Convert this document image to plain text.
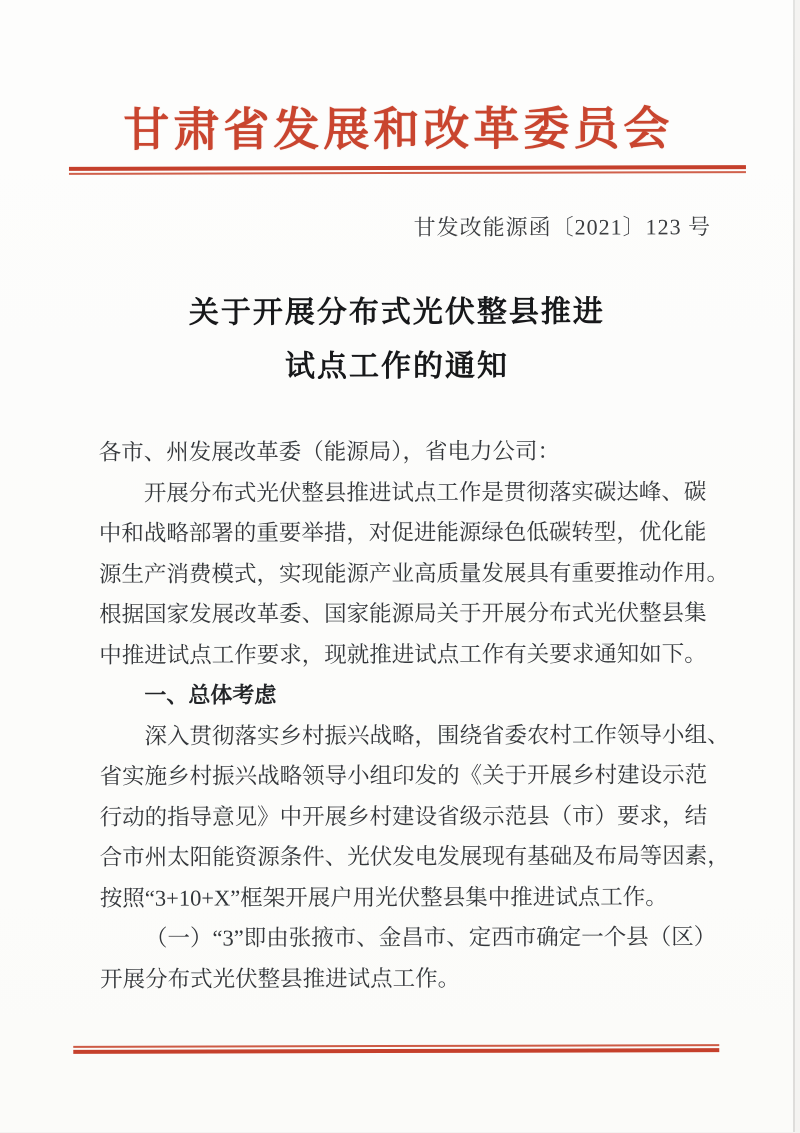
甘肃省发展和改革委员会
甘发改能源函〔2021〕123 号
关于开展分布式光伏整县推进
试点工作的通知
各市、州发展改革委（能源局），省电力公司：
开展分布式光伏整县推进试点工作是贯彻落实碳达峰、碳
中和战略部署的重要举措，对促进能源绿色低碳转型，优化能
源生产消费模式，实现能源产业高质量发展具有重要推动作用。
根据国家发展改革委、国家能源局关于开展分布式光伏整县集
中推进试点工作要求，现就推进试点工作有关要求通知如下。
一、总体考虑
深入贯彻落实乡村振兴战略，围绕省委农村工作领导小组、
省实施乡村振兴战略领导小组印发的《关于开展乡村建设示范
行动的指导意见》中开展乡村建设省级示范县（市）要求，结
合市州太阳能资源条件、光伏发电发展现有基础及布局等因素，
按照“3+10+X”框架开展户用光伏整县集中推进试点工作。
（一）“3”即由张掖市、金昌市、定西市确定一个县（区）
开展分布式光伏整县推进试点工作。
